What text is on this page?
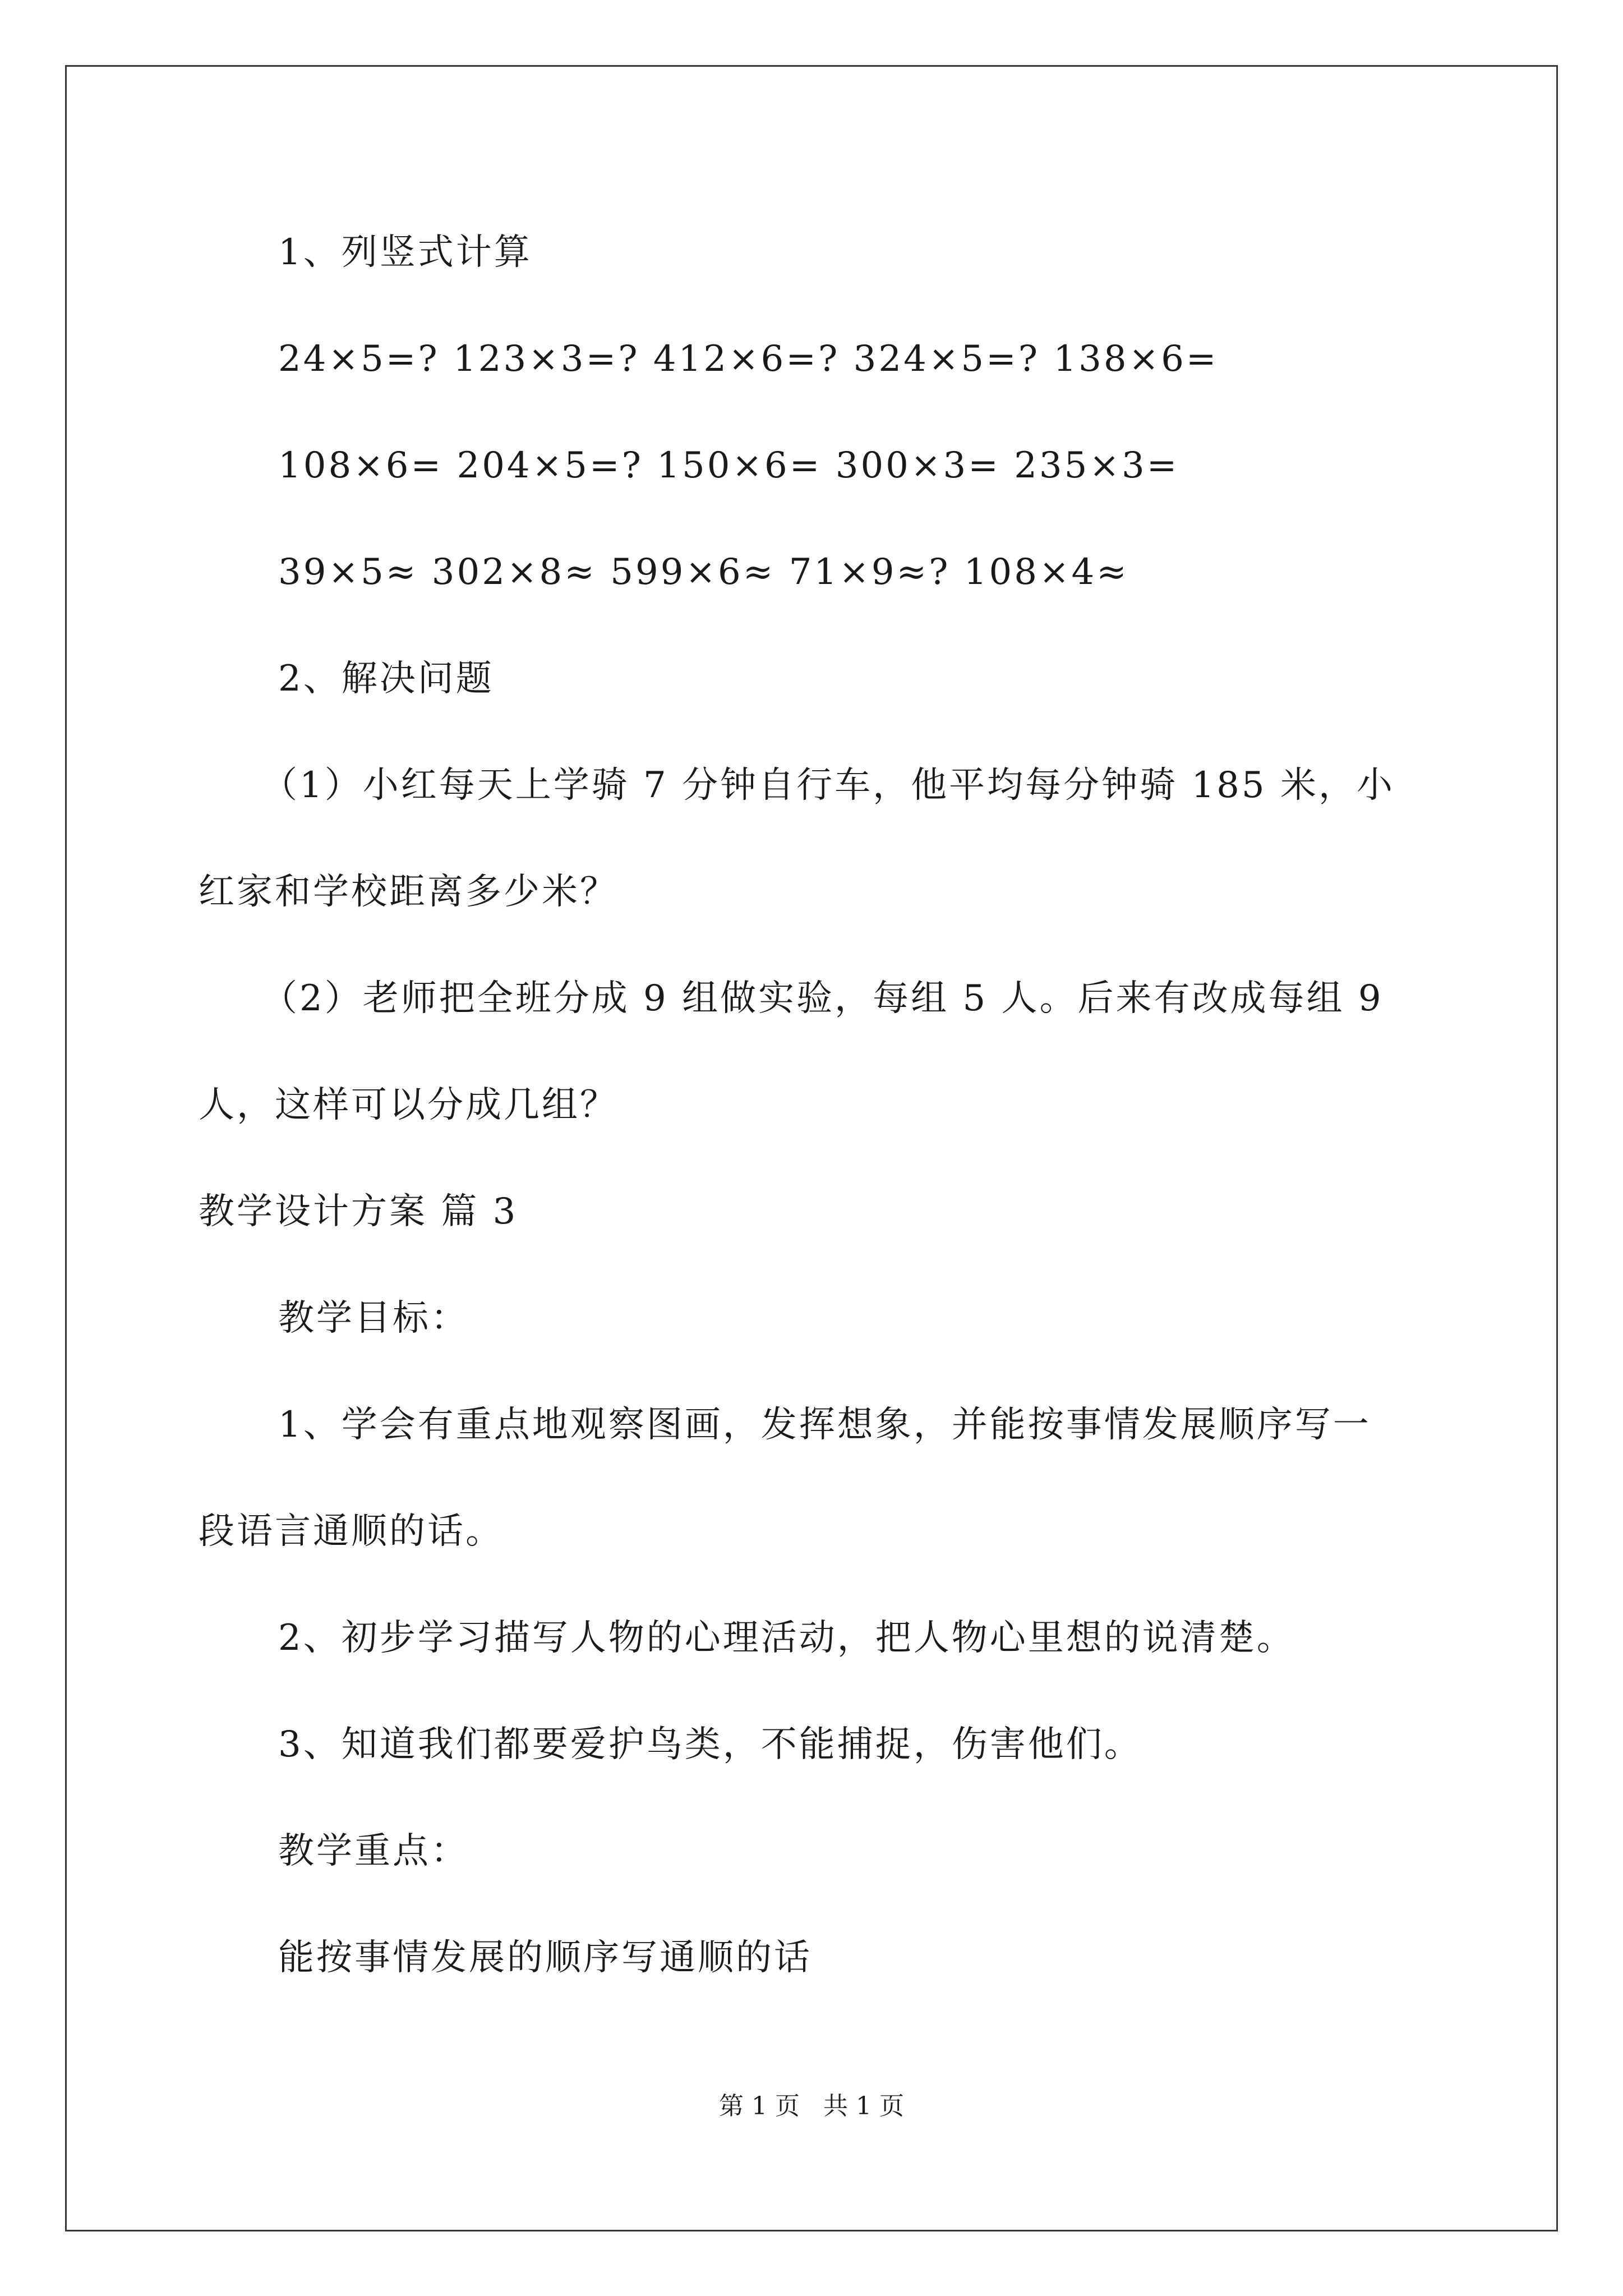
1、列竖式计算
24×5=? 123×3=? 412×6=? 324×5=? 138×6=
108×6= 204×5=? 150×6= 300×3= 235×3=
39×5≈ 302×8≈ 599×6≈ 71×9≈? 108×4≈
2、解决问题
（1）小红每天上学骑 7 分钟自行车，他平均每分钟骑 185 米，小
红家和学校距离多少米？
（2）老师把全班分成 9 组做实验，每组 5 人。后来有改成每组 9
人，这样可以分成几组？
教学设计方案 篇 3
教学目标：
1、学会有重点地观察图画，发挥想象，并能按事情发展顺序写一
段语言通顺的话。
2、初步学习描写人物的心理活动，把人物心里想的说清楚。
3、知道我们都要爱护鸟类，不能捕捉，伤害他们。
教学重点：
能按事情发展的顺序写通顺的话
第 1 页   共 1 页
